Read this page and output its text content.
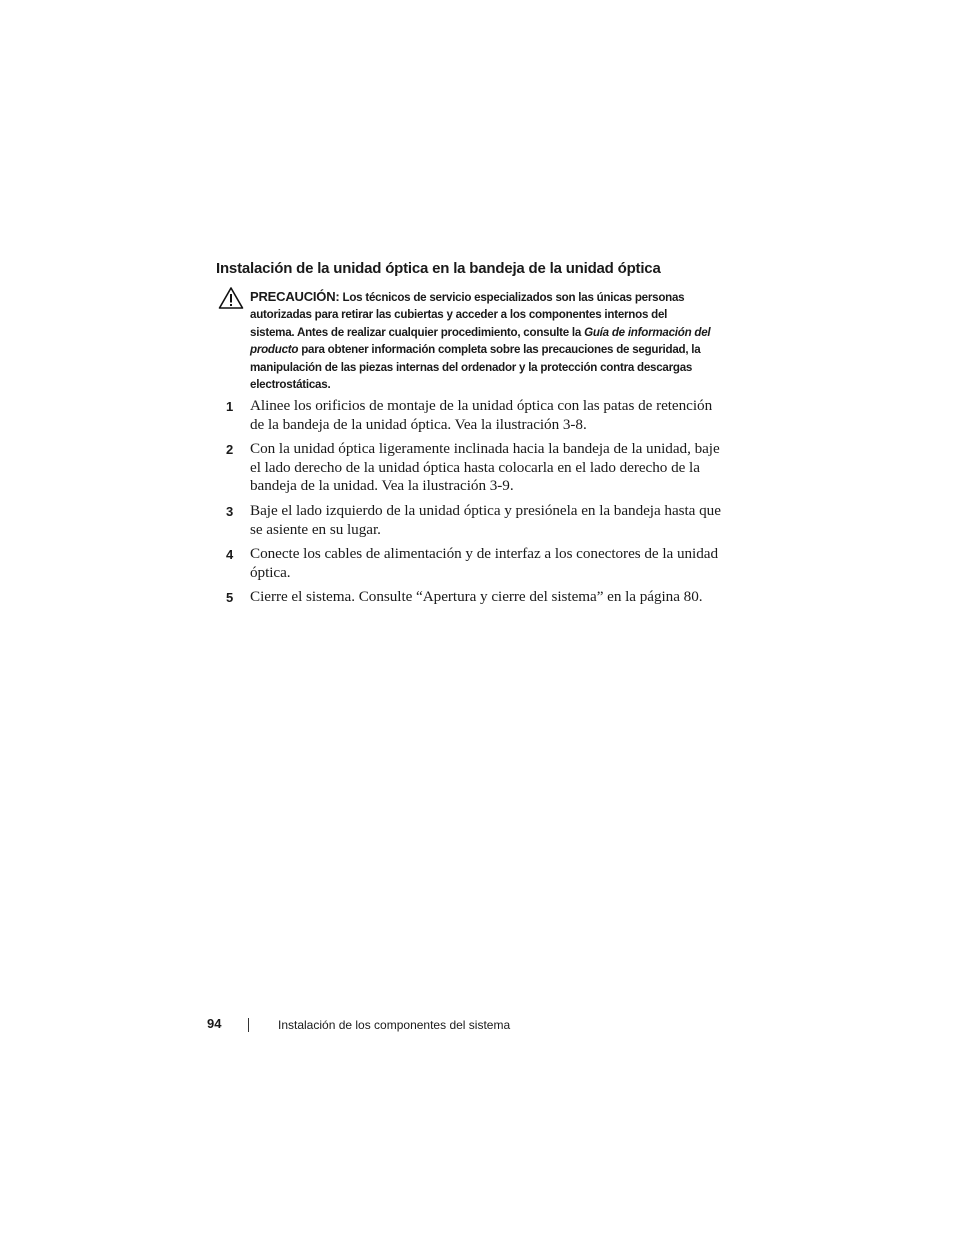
Instalación de la unidad óptica en la bandeja de la unidad óptica

PRECAUCIÓN: Los técnicos de servicio especializados son las únicas personas autorizadas para retirar las cubiertas y acceder a los componentes internos del sistema. Antes de realizar cualquier procedimiento, consulte la Guía de información del producto para obtener información completa sobre las precauciones de seguridad, la manipulación de las piezas internas del ordenador y la protección contra descargas electrostáticas.

1 Alinee los orificios de montaje de la unidad óptica con las patas de retención de la bandeja de la unidad óptica. Vea la ilustración 3-8.
2 Con la unidad óptica ligeramente inclinada hacia la bandeja de la unidad, baje el lado derecho de la unidad óptica hasta colocarla en el lado derecho de la bandeja de la unidad. Vea la ilustración 3-9.
3 Baje el lado izquierdo de la unidad óptica y presiónela en la bandeja hasta que se asiente en su lugar.
4 Conecte los cables de alimentación y de interfaz a los conectores de la unidad óptica.
5 Cierre el sistema. Consulte “Apertura y cierre del sistema” en la página 80.
94	Instalación de los componentes del sistema
